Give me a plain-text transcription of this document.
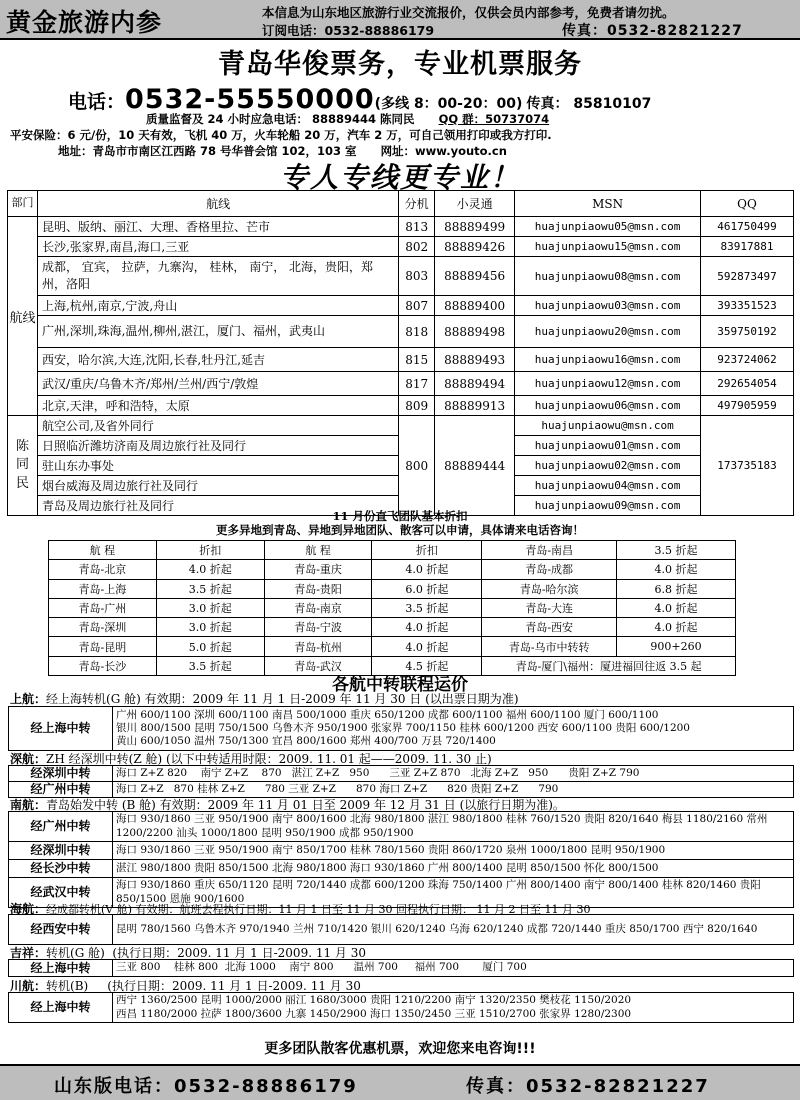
黄金旅游内参	本信息为山东地区旅游行业交流报价，仅供会员内部参考，免费者请勿扰。
订阅电话：0532-88886179	传真：0532-82821227
青岛华俊票务，专业机票服务
电话：0532-55550000(多线 8：00-20：00) 传真： 85810107
质量监督及 24 小时应急电话： 88889444 陈同民 QQ 群：50737074
平安保险：6 元/份，10 天有效，飞机 40 万，火车轮船 20 万，汽车 2 万，可自己领用打印或我方打印.
地址：青岛市市南区江西路 78 号华普会馆 102，103 室 网址：www.youto.cn
专人专线更专业！
部门	航线	分机	小灵通	MSN	QQ
航线	昆明、版纳、丽江、大理、香格里拉、芒市	813	88889499	huajunpiaowu05@msn.com	461750499
	长沙,张家界,南昌,海口,三亚	802	88889426	huajunpiaowu15@msn.com	83917881
	成都， 宜宾， 拉萨，九寨沟， 桂林， 南宁， 北海，贵阳，郑州，洛阳	803	88889456	huajunpiaowu08@msn.com	592873497
	上海,杭州,南京,宁波,舟山	807	88889400	huajunpiaowu03@msn.com	393351523
	广州,深圳,珠海,温州,柳州,湛江，厦门、福州，武夷山	818	88889498	huajunpiaowu20@msn.com	359750192
	西安，哈尔滨,大连,沈阳,长春,牡丹江,延吉	815	88889493	huajunpiaowu16@msn.com	923724062
	武汉/重庆/乌鲁木齐/郑州/兰州/西宁/敦煌	817	88889494	huajunpiaowu12@msn.com	292654054
	北京,天津，呼和浩特，太原	809	88889913	huajunpiaowu06@msn.com	497905959
陈同民	航空公司,及省外同行	800	88889444	huajunpiaowu@msn.com	173735183
	日照临沂潍坊济南及周边旅行社及同行			huajunpiaowu01@msn.com	
	驻山东办事处			huajunpiaowu02@msn.com	
	烟台威海及周边旅行社及同行			huajunpiaowu04@msn.com	
	青岛及周边旅行社及同行			huajunpiaowu09@msn.com	
11 月份直飞团队基本折扣
更多异地到青岛、异地到异地团队、散客可以申请，具体请来电话咨询！
航 程	折扣	航 程	折扣	青岛-南昌	3.5 折起
青岛-北京	4.0 折起	青岛-重庆	4.0 折起	青岛-成都	4.0 折起
青岛-上海	3.5 折起	青岛-贵阳	6.0 折起	青岛-哈尔滨	6.8 折起
青岛-广州	3.0 折起	青岛-南京	3.5 折起	青岛-大连	4.0 折起
青岛-深圳	3.0 折起	青岛-宁波	4.0 折起	青岛-西安	4.0 折起
青岛-昆明	5.0 折起	青岛-杭州	4.0 折起	青岛-乌市中转转	900+260
青岛-长沙	3.5 折起	青岛-武汉	4.5 折起	青岛-厦门\福州：厦进福回往返 3.5 起	
各航中转联程运价
上航：经上海转机(G 舱) 有效期：2009 年 11 月 1 日-2009 年 11 月 30 日 (以出票日期为准)
经上海中转	
广州 600/1100 深圳 600/1100 南昌 500/1000 重庆 650/1200 成都 600/1100 福州 600/1100 厦门 600/1100
银川 800/1500 昆明 750/1500 乌鲁木齐 950/1900 张家界 700/1150 桂林 600/1200 西安 600/1100 贵阳 600/1200
黄山 600/1050 温州 750/1300 宜昌 800/1600 郑州 400/700 万县 720/1400
深航：ZH 经深圳中转(Z 舱) (以下中转适用时限：2009. 11. 01 起——2009. 11. 30 止)
经深圳中转	海口 Z+Z 820    南宁 Z+Z    870   湛江 Z+Z   950      三亚 Z+Z 870   北海 Z+Z   950      贵阳 Z+Z 790
经广州中转	海口 Z+Z   870 桂林 Z+Z      780 三亚 Z+Z      870 海口 Z+Z      820 贵阳 Z+Z      790
南航：青岛始发中转 (B 舱) 有效期：2009 年 11 月 01 日至 2009 年 12 月 31 日 (以旅行日期为准)。
经广州中转	海口 930/1860 三亚 950/1900 南宁 800/1600 北海 980/1800 湛江 980/1800 桂林 760/1520 贵阳 820/1640 梅县 1180/2160 常州 1200/2200 汕头 1000/1800 昆明 950/1900 成都 950/1900
经深圳中转	海口 930/1860 三亚 950/1900 南宁 850/1700 桂林 780/1560 贵阳 860/1720 泉州 1000/1800 昆明 950/1900
经长沙中转	湛江 980/1800 贵阳 850/1500 北海 980/1800 海口 930/1860 广州 800/1400 昆明 850/1500 怀化 800/1500
经武汉中转	海口 930/1860 重庆 650/1120 昆明 720/1440 成都 600/1200 珠海 750/1400 广州 800/1400 南宁 800/1400 桂林 820/1460 贵阳 850/1500 恩施 900/1600
海航：经成都转机(V 舱) 有效期：航班去程执行日期：11 月 1 日至 11 月 30 回程执行日期： 11 月 2 日至 11 月 30
经西安中转	昆明 780/1560 乌鲁木齐 970/1940 兰州 710/1420 银川 620/1240 乌海 620/1240 成都 720/1440 重庆 850/1700 西宁 820/1640
吉祥：转机(G 舱)  (执行日期：2009. 11 月 1 日-2009. 11 月 30
经上海中转	三亚 800    桂林 800  北海 1000    南宁 800      温州 700     福州 700       厦门 700
川航：转机(B)     (执行日期：2009. 11 月 1 日-2009. 11 月 30
经上海中转	西宁 1360/2500 昆明 1000/2000 丽江 1680/3000 贵阳 1210/2200 南宁 1320/2350 樊枝花 1150/2020
西昌 1180/2000 拉萨 1800/3600 九寨 1450/2900 海口 1350/2450 三亚 1510/2700 张家界 1280/2300
更多团队散客优惠机票，欢迎您来电咨询!!!
山东版电话：0532-88886179	传真：0532-82821227
